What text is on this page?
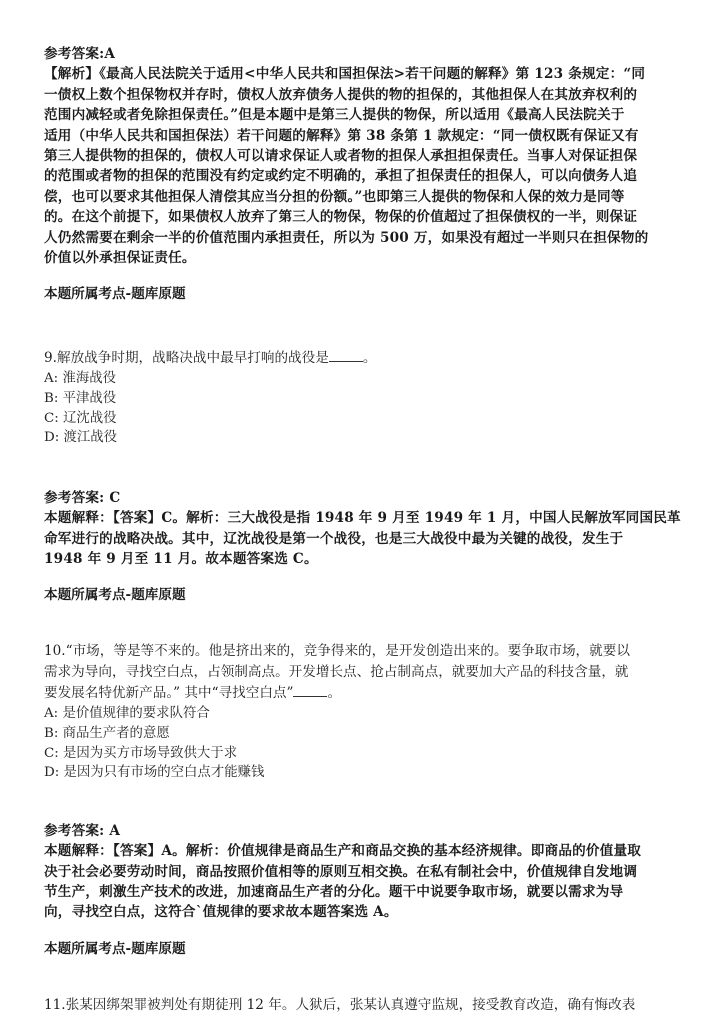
参考答案:A
【解析】《最高人民法院关于适用<中华人民共和国担保法>若干问题的解释》第 123 条规定：“同
一债权上数个担保物权并存时，债权人放弃债务人提供的物的担保的，其他担保人在其放弃权利的
范围内减轻或者免除担保责任。”但是本题中是第三人提供的物保，所以适用《最高人民法院关于
适用（中华人民共和国担保法）若干问题的解释》第 38 条第 1 款规定：“同一债权既有保证又有
第三人提供物的担保的，债权人可以请求保证人或者物的担保人承担担保责任。当事人对保证担保
的范围或者物的担保的范围没有约定或约定不明确的，承担了担保责任的担保人，可以向债务人追
偿，也可以要求其他担保人清偿其应当分担的份额。”也即第三人提供的物保和人保的效力是同等
的。在这个前提下，如果债权人放弃了第三人的物保，物保的价值超过了担保债权的一半，则保证
人仍然需要在剩余一半的价值范围内承担责任，所以为 500 万，如果没有超过一半则只在担保物的
价值以外承担保证责任。
本题所属考点-题库原题
9.解放战争时期，战略决战中最早打响的战役是	。
A: 淮海战役
B: 平津战役
C: 辽沈战役
D: 渡江战役
参考答案: C
本题解释：【答案】C。解析：三大战役是指 1948 年 9 月至 1949 年 1 月，中国人民解放军同国民革
命军进行的战略决战。其中，辽沈战役是第一个战役，也是三大战役中最为关键的战役，发生于
1948 年 9 月至 11 月。故本题答案选 C。
本题所属考点-题库原题
10.“市场，等是等不来的。他是挤出来的，竞争得来的，是开发创造出来的。要争取市场，就要以
需求为导向，寻找空白点，占领制高点。开发增长点、抢占制高点，就要加大产品的科技含量，就
要发展名特优新产品。” 其中“寻找空白点”	。
A: 是价值规律的要求队符合
B: 商品生产者的意愿
C: 是因为买方市场导致供大于求
D: 是因为只有市场的空白点才能赚钱
参考答案: A
本题解释：【答案】A。解析：价值规律是商品生产和商品交换的基本经济规律。即商品的价值量取
决于社会必要劳动时间，商品按照价值相等的原则互相交换。在私有制社会中，价值规律自发地调
节生产，刺激生产技术的改进，加速商品生产者的分化。题干中说要争取市场，就要以需求为导
向，寻找空白点，这符合`值规律的要求故本题答案选 A。
本题所属考点-题库原题
11.张某因绑架罪被判处有期徒刑 12 年。人狱后，张某认真遵守监规，接受教育改造，确有悔改表
